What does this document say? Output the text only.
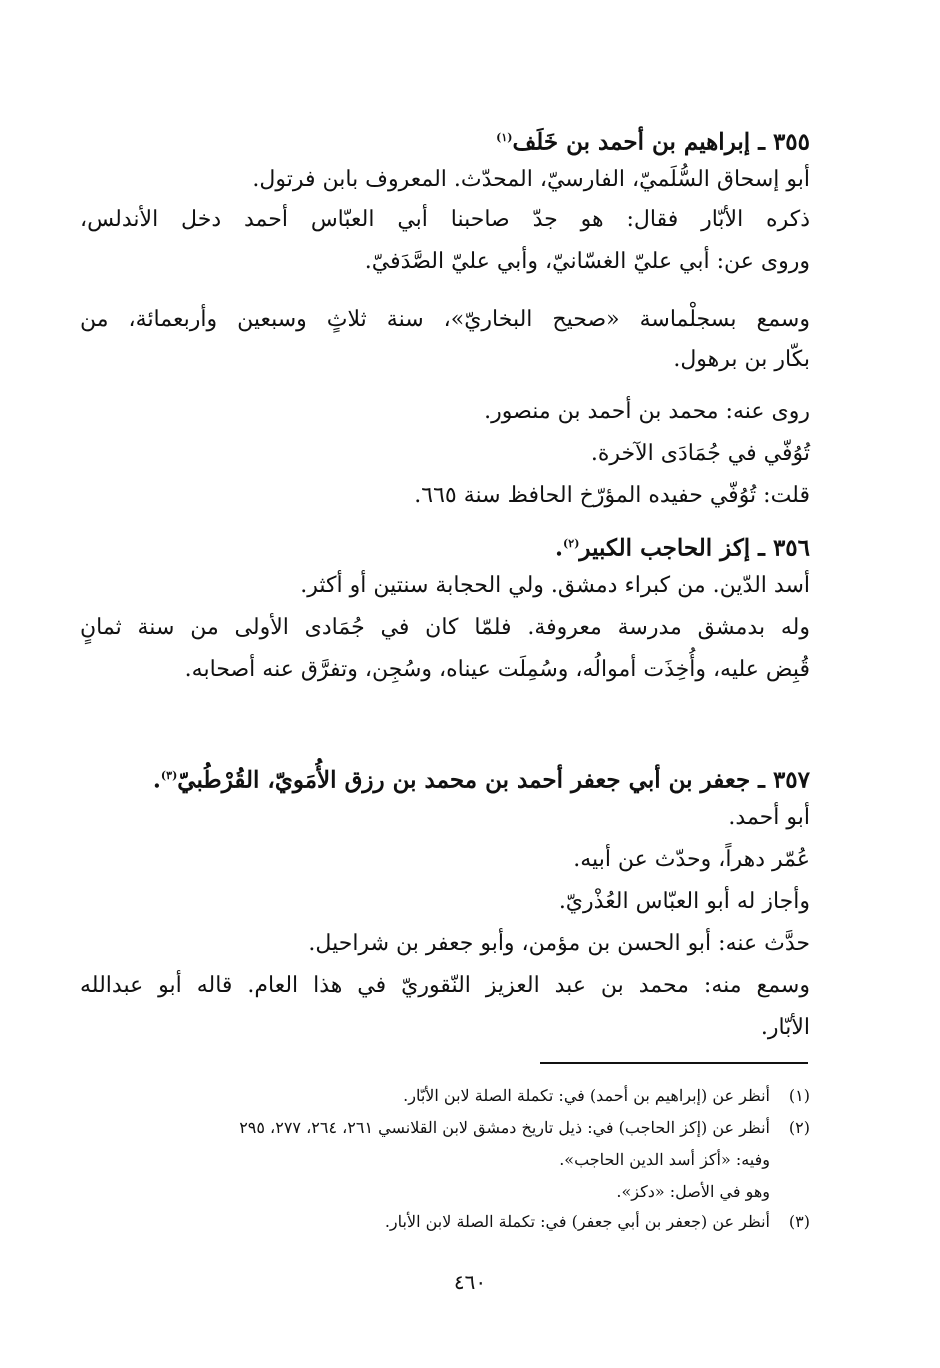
٣٥٥ ـ إبراهيم بن أحمد بن خَلَف$^{(١)}$
أبو إسحاق السُّلَميّ، الفارسيّ، المحدّث. المعروف بابن فرتول.
ذكره الأبّار فقال: هو جدّ صاحبنا أبي العبّاس أحمد دخل الأندلس،
وروى عن: أبي عليّ الغسّانيّ، وأبي عليّ الصَّدَفيّ.
وسمع بسجلْماسة «صحيح البخاريّ»، سنة ثلاثٍ وسبعين وأربعمائة، من
بكّار بن برهول.
روى عنه: محمد بن أحمد بن منصور.
تُوُفّي في جُمَادَى الآخرة.
قلت: تُوُفّي حفيده المؤرّخ الحافظ سنة ٦٦٥.
٣٥٦ ـ إكز الحاجب الكبير$^{(٢)}$.
أسد الدّين. من كبراء دمشق. ولي الحجابة سنتين أو أكثر.
وله بدمشق مدرسة معروفة. فلمّا كان في جُمَادى الأولى من سنة ثمانٍ
قُبِض عليه، وأُخِذَت أموالُه، وسُمِلَت عيناه، وسُجِن، وتفرَّق عنه أصحابه.
٣٥٧ ـ جعفر بن أبي جعفر أحمد بن محمد بن رزق الأُمَويّ، القُرْطُبيّ$^{(٣)}$.
أبو أحمد.
عُمّر دهراً، وحدّث عن أبيه.
وأجاز له أبو العبّاس العُذْريّ.
حدَّث عنه: أبو الحسن بن مؤمن، وأبو جعفر بن شراحيل.
وسمع منه: محمد بن عبد العزيز النّقوريّ في هذا العام. قاله أبو عبدالله
الأبّار.
(١)أنظر عن (إبراهيم بن أحمد) في: تكملة الصلة لابن الأبّار.
(٢)أنظر عن (إكز الحاجب) في: ذيل تاريخ دمشق لابن القلانسي ٢٦١، ٢٦٤، ٢٧٧، ٢٩٥
وفيه: «أكز أسد الدين الحاجب».
وهو في الأصل: «دكز».
(٣)أنظر عن (جعفر بن أبي جعفر) في: تكملة الصلة لابن الأبار.
٤٦٠
